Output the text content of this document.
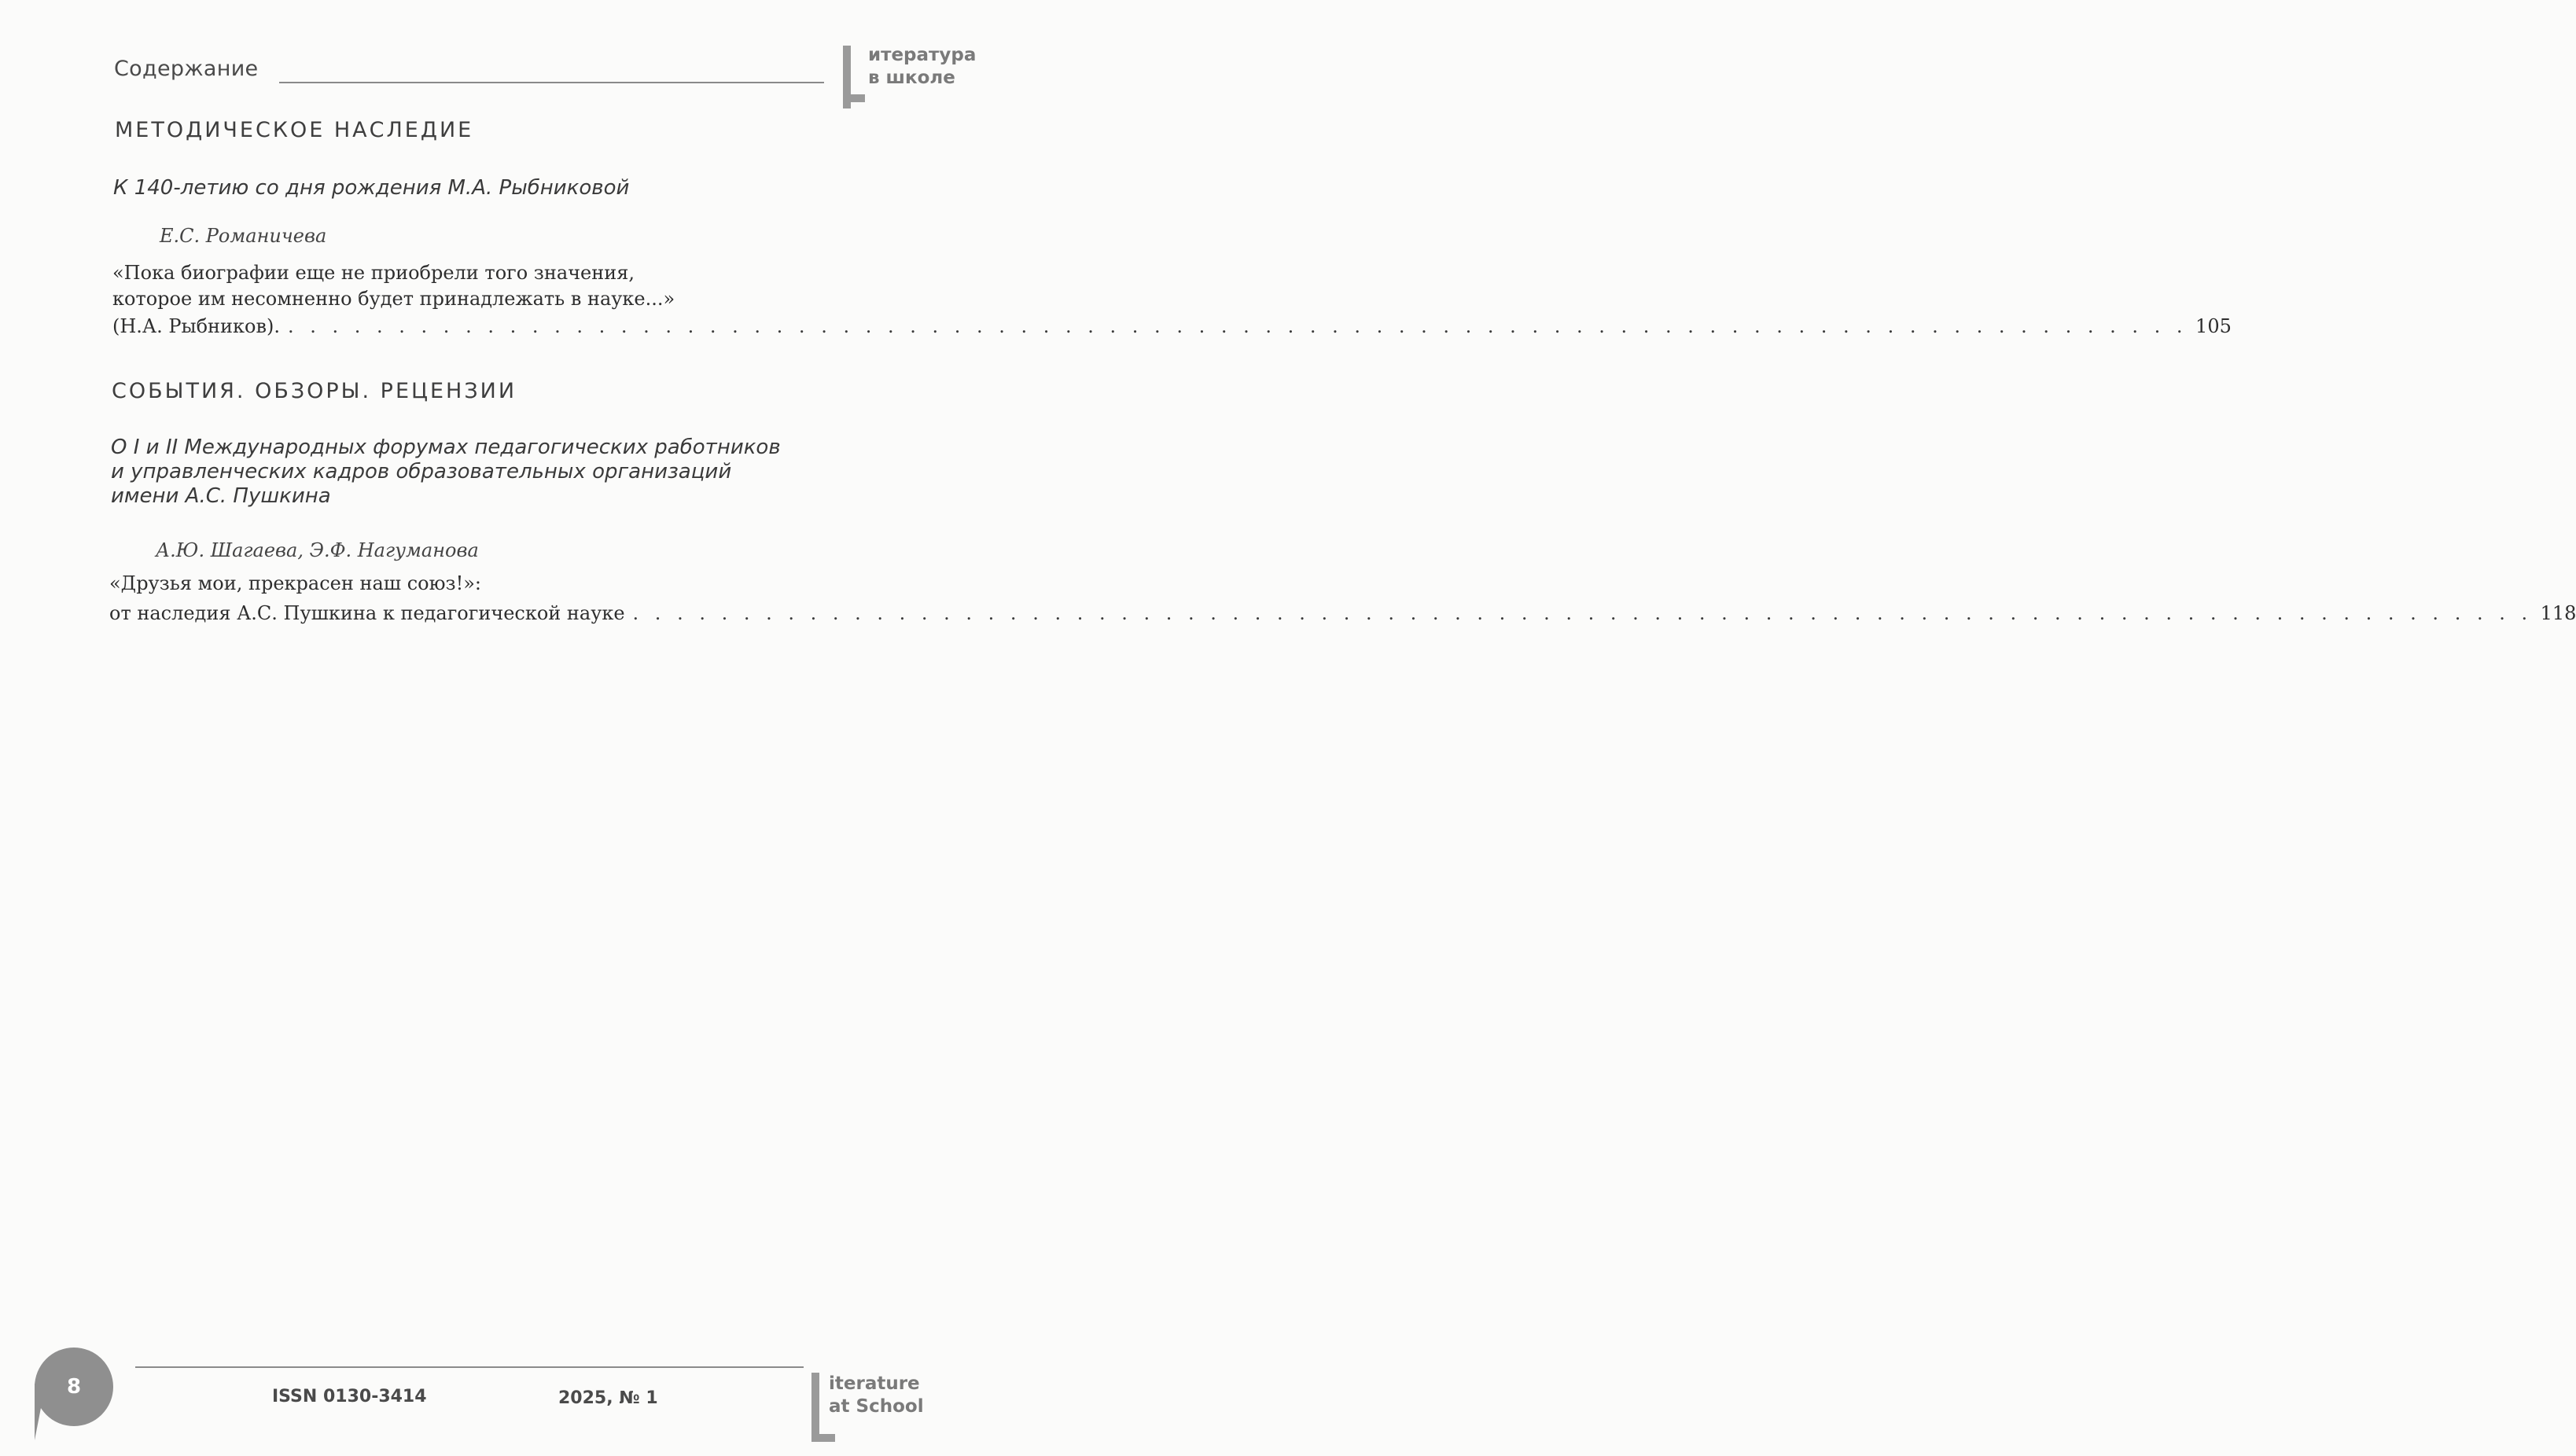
Содержание
итература
в школе
МЕТОДИЧЕСКОЕ НАСЛЕДИЕ
К 140-летию со дня рождения М.А. Рыбниковой
Е.С. Романичева
«Пока биографии еще не приобрели того значения,
которое им несомненно будет принадлежать в науке...»
(Н.А. Рыбников). . . . . . . . . . . . . . . . . . . . . . . . . . . . . . . . . . . . . . . . . . . . . . . . . . . . . . . . . . . . . . . . . . . . . . . . . . . . . . . . . . . . . . . 105
СОБЫТИЯ. ОБЗОРЫ. РЕЦЕНЗИИ
О I и II Международных форумах педагогических работников
и управленческих кадров образовательных организаций
имени А.С. Пушкина
А.Ю. Шагаева, Э.Ф. Нагуманова
«Друзья мои, прекрасен наш союз!»:
от наследия А.С. Пушкина к педагогической науке . . . . . . . . . . . . . . . . . . . . . . . . . . . . . . . . . . . . . . . . . . . . . . . . . . . . . . . . . . . . . . . . . . . . . . . . . . . . . . . . . . . . . . 118
8	ISSN 0130-3414	2025, № 1
iterature
at School
